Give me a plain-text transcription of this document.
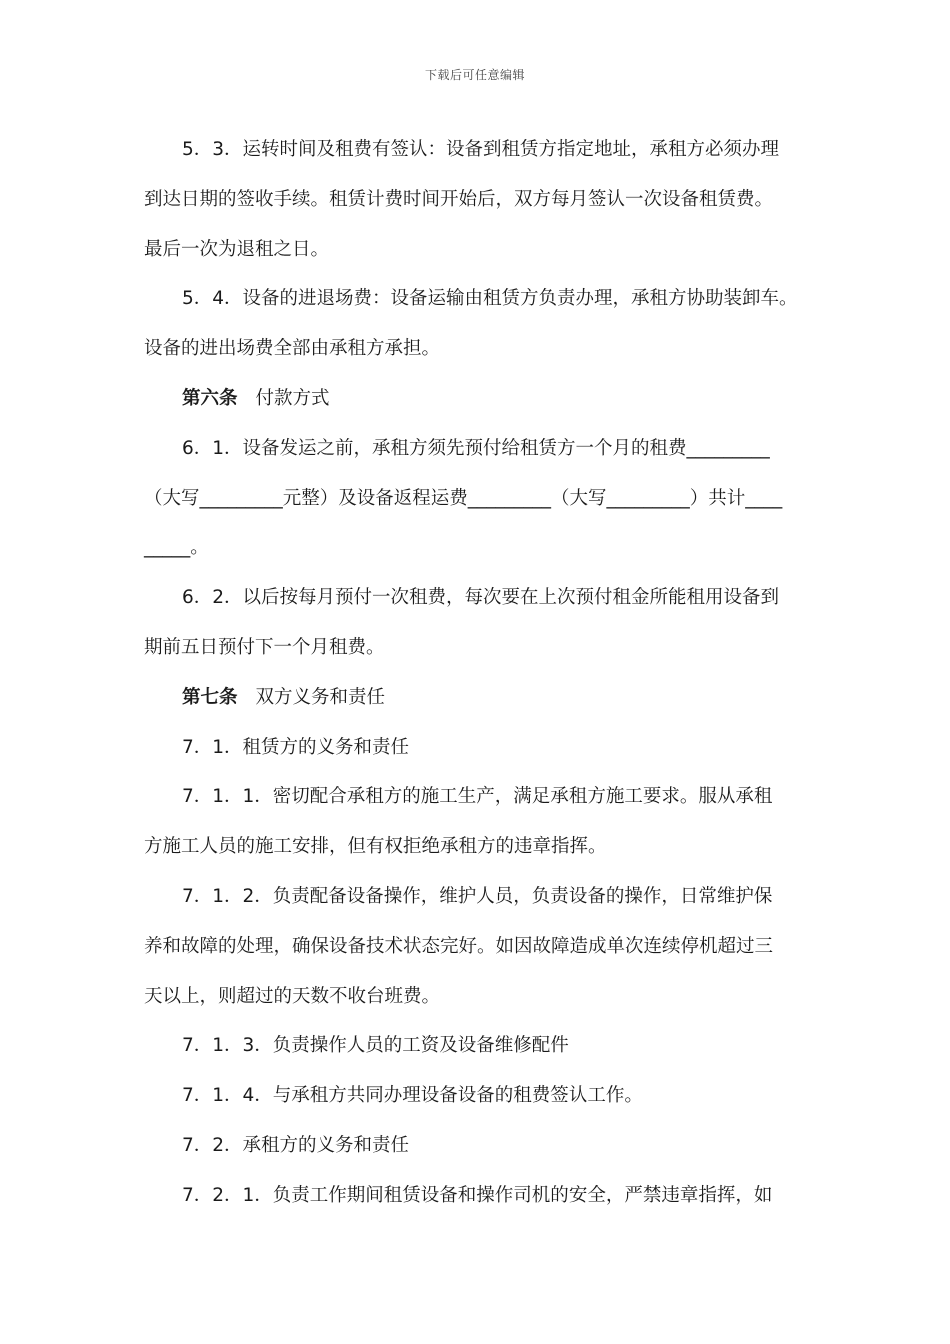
下载后可任意编辑

5．3．运转时间及租费有签认：设备到租赁方指定地址，承租方必须办理

到达日期的签收手续。租赁计费时间开始后，双方每月签认一次设备租赁费。

最后一次为退租之日。

5．4．设备的进退场费：设备运输由租赁方负责办理，承租方协助装卸车。

设备的进出场费全部由承租方承担。

第六条 付款方式

6．1．设备发运之前，承租方须先预付给租赁方一个月的租费_________

（大写_________元整）及设备返程运费_________（大写_________）共计____

_____。

6．2．以后按每月预付一次租费，每次要在上次预付租金所能租用设备到

期前五日预付下一个月租费。

第七条 双方义务和责任

7．1．租赁方的义务和责任

7．1．1．密切配合承租方的施工生产，满足承租方施工要求。服从承租

方施工人员的施工安排，但有权拒绝承租方的违章指挥。

7．1．2．负责配备设备操作，维护人员，负责设备的操作，日常维护保

养和故障的处理，确保设备技术状态完好。如因故障造成单次连续停机超过三

天以上，则超过的天数不收台班费。

7．1．3．负责操作人员的工资及设备维修配件

7．1．4．与承租方共同办理设备设备的租费签认工作。

7．2．承租方的义务和责任

7．2．1．负责工作期间租赁设备和操作司机的安全，严禁违章指挥，如
